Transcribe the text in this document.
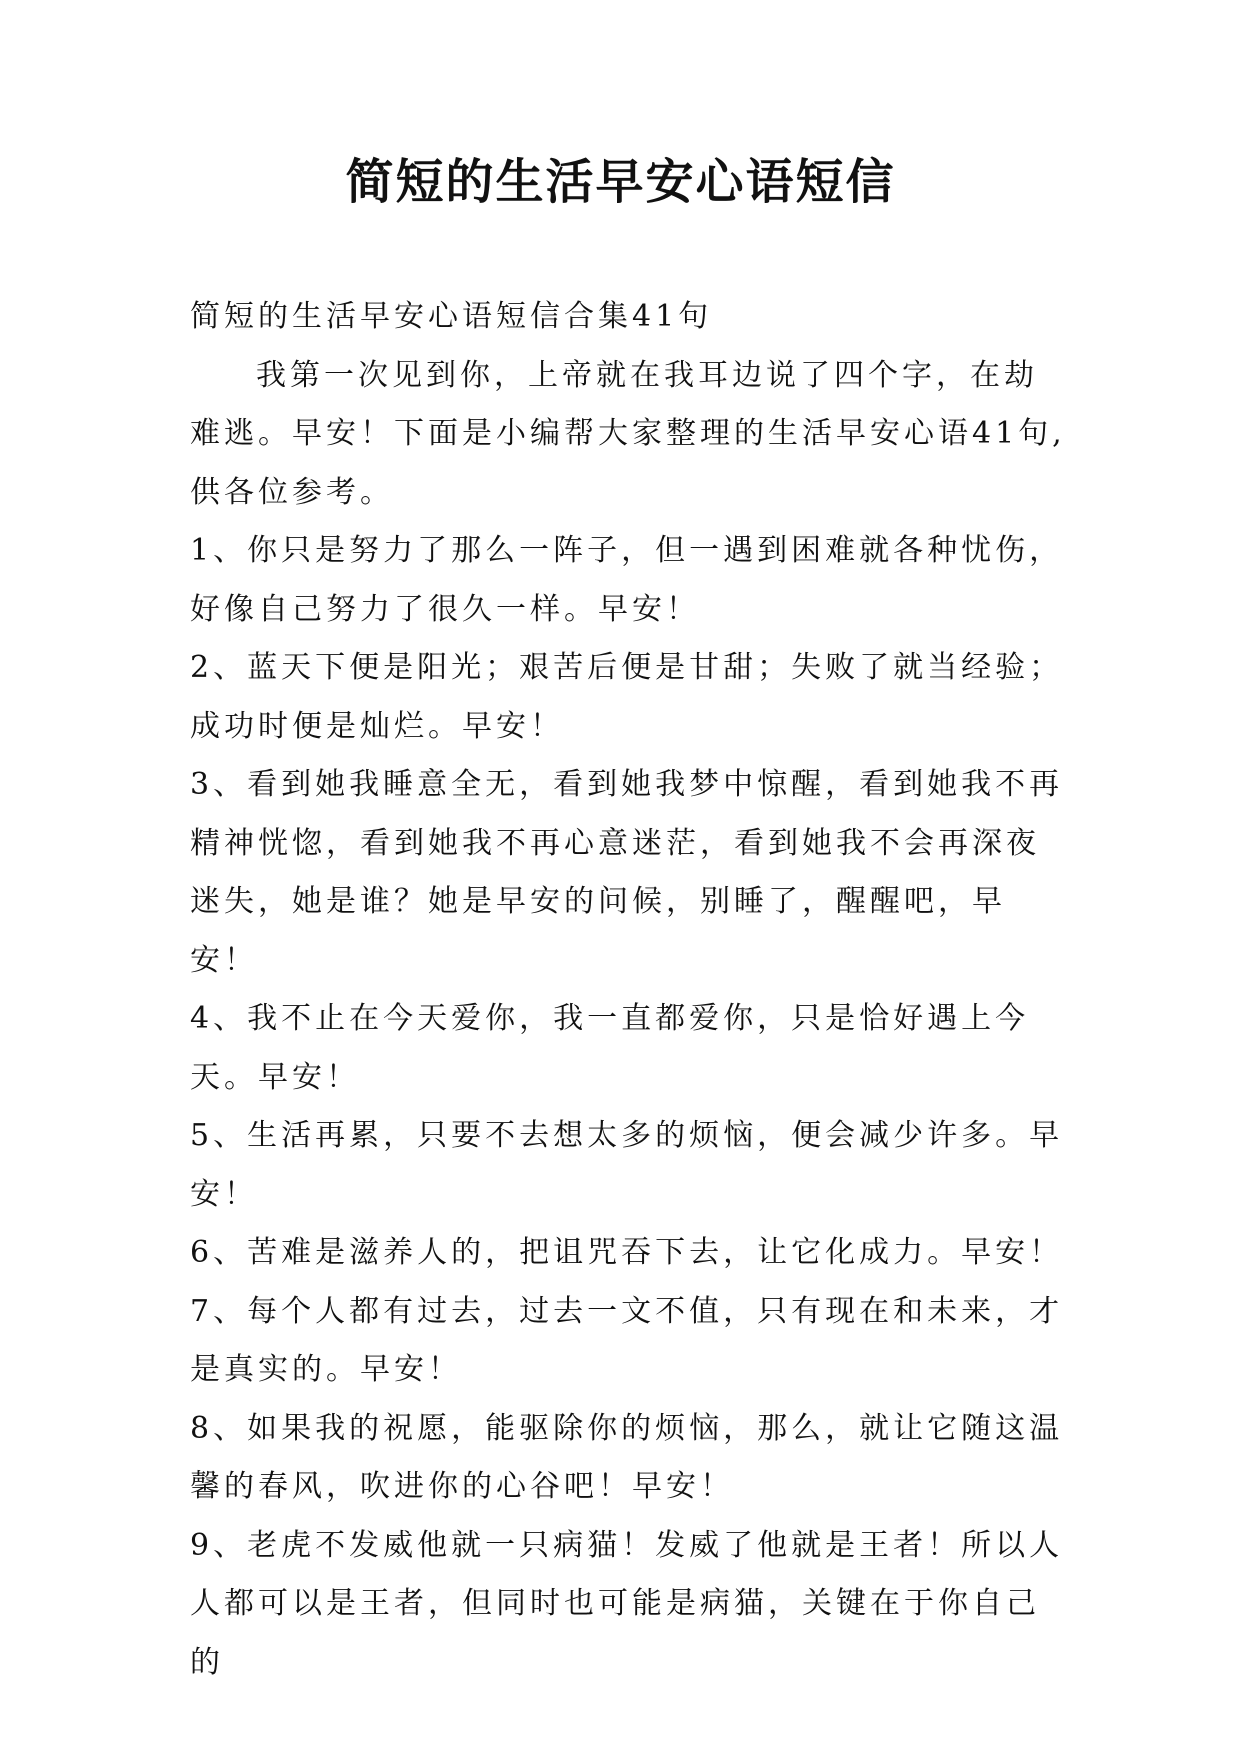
简短的生活早安心语短信

简短的生活早安心语短信合集41句

我第一次见到你，上帝就在我耳边说了四个字，在劫难逃。早安！下面是小编帮大家整理的生活早安心语41句,供各位参考。

1、你只是努力了那么一阵子，但一遇到困难就各种忧伤，好像自己努力了很久一样。早安！

2、蓝天下便是阳光；艰苦后便是甘甜；失败了就当经验；成功时便是灿烂。早安！

3、看到她我睡意全无，看到她我梦中惊醒，看到她我不再精神恍惚，看到她我不再心意迷茫，看到她我不会再深夜迷失，她是谁？她是早安的问候，别睡了，醒醒吧，早安！

4、我不止在今天爱你，我一直都爱你，只是恰好遇上今天。早安！

5、生活再累，只要不去想太多的烦恼，便会减少许多。早安！

6、苦难是滋养人的，把诅咒吞下去，让它化成力。早安！

7、每个人都有过去，过去一文不值，只有现在和未来，才是真实的。早安！

8、如果我的祝愿，能驱除你的烦恼，那么，就让它随这温馨的春风，吹进你的心谷吧！早安！

9、老虎不发威他就一只病猫！发威了他就是王者！所以人人都可以是王者，但同时也可能是病猫，关键在于你自己的
